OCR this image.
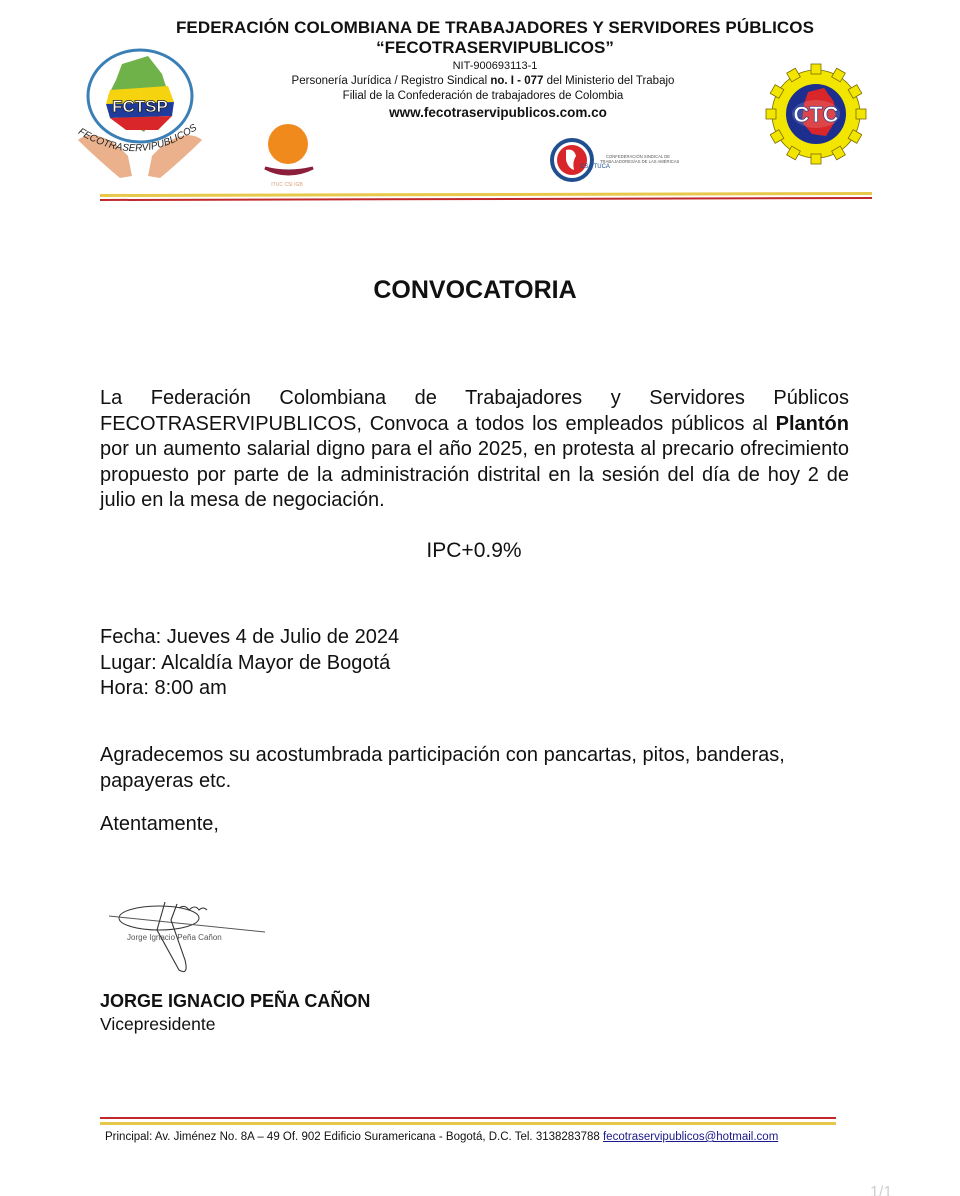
FEDERACIÓN COLOMBIANA DE TRABAJADORES Y SERVIDORES PÚBLICOS
“FECOTRASERVIPUBLICOS”
NIT-900693113-1
Personería Jurídica / Registro Sindical no. I - 077 del Ministerio del Trabajo
Filial de la Confederación de trabajadores de Colombia
www.fecotraservipublicos.com.co
FCTSP
FECOTRASERVIPUBLICOS
ITUC CSI IGB
CSA TUCA
CONFEDERACIÓN SINDICAL DE
TRABAJADORES/AS DE LAS AMÉRICAS
CTC
CONVOCATORIA
La Federación Colombiana de Trabajadores y Servidores Públicos FECOTRASERVIPUBLICOS, Convoca a todos los empleados públicos al Plantón por un aumento salarial digno para el año 2025, en protesta al precario ofrecimiento propuesto por parte de la administración distrital en la sesión del día de hoy 2 de julio en la mesa de negociación.
IPC+0.9%
Fecha: Jueves 4 de Julio de 2024
Lugar: Alcaldía Mayor de Bogotá
Hora: 8:00 am
Agradecemos su acostumbrada participación con pancartas, pitos, banderas, papayeras etc.
Atentamente,
Jorge Ignacio Peña Cañon
JORGE IGNACIO PEÑA CAÑON
Vicepresidente
Principal: Av. Jiménez No. 8A – 49 Of. 902 Edificio Suramericana - Bogotá, D.C. Tel. 3138283788 fecotraservipublicos@hotmail.com
1/1
